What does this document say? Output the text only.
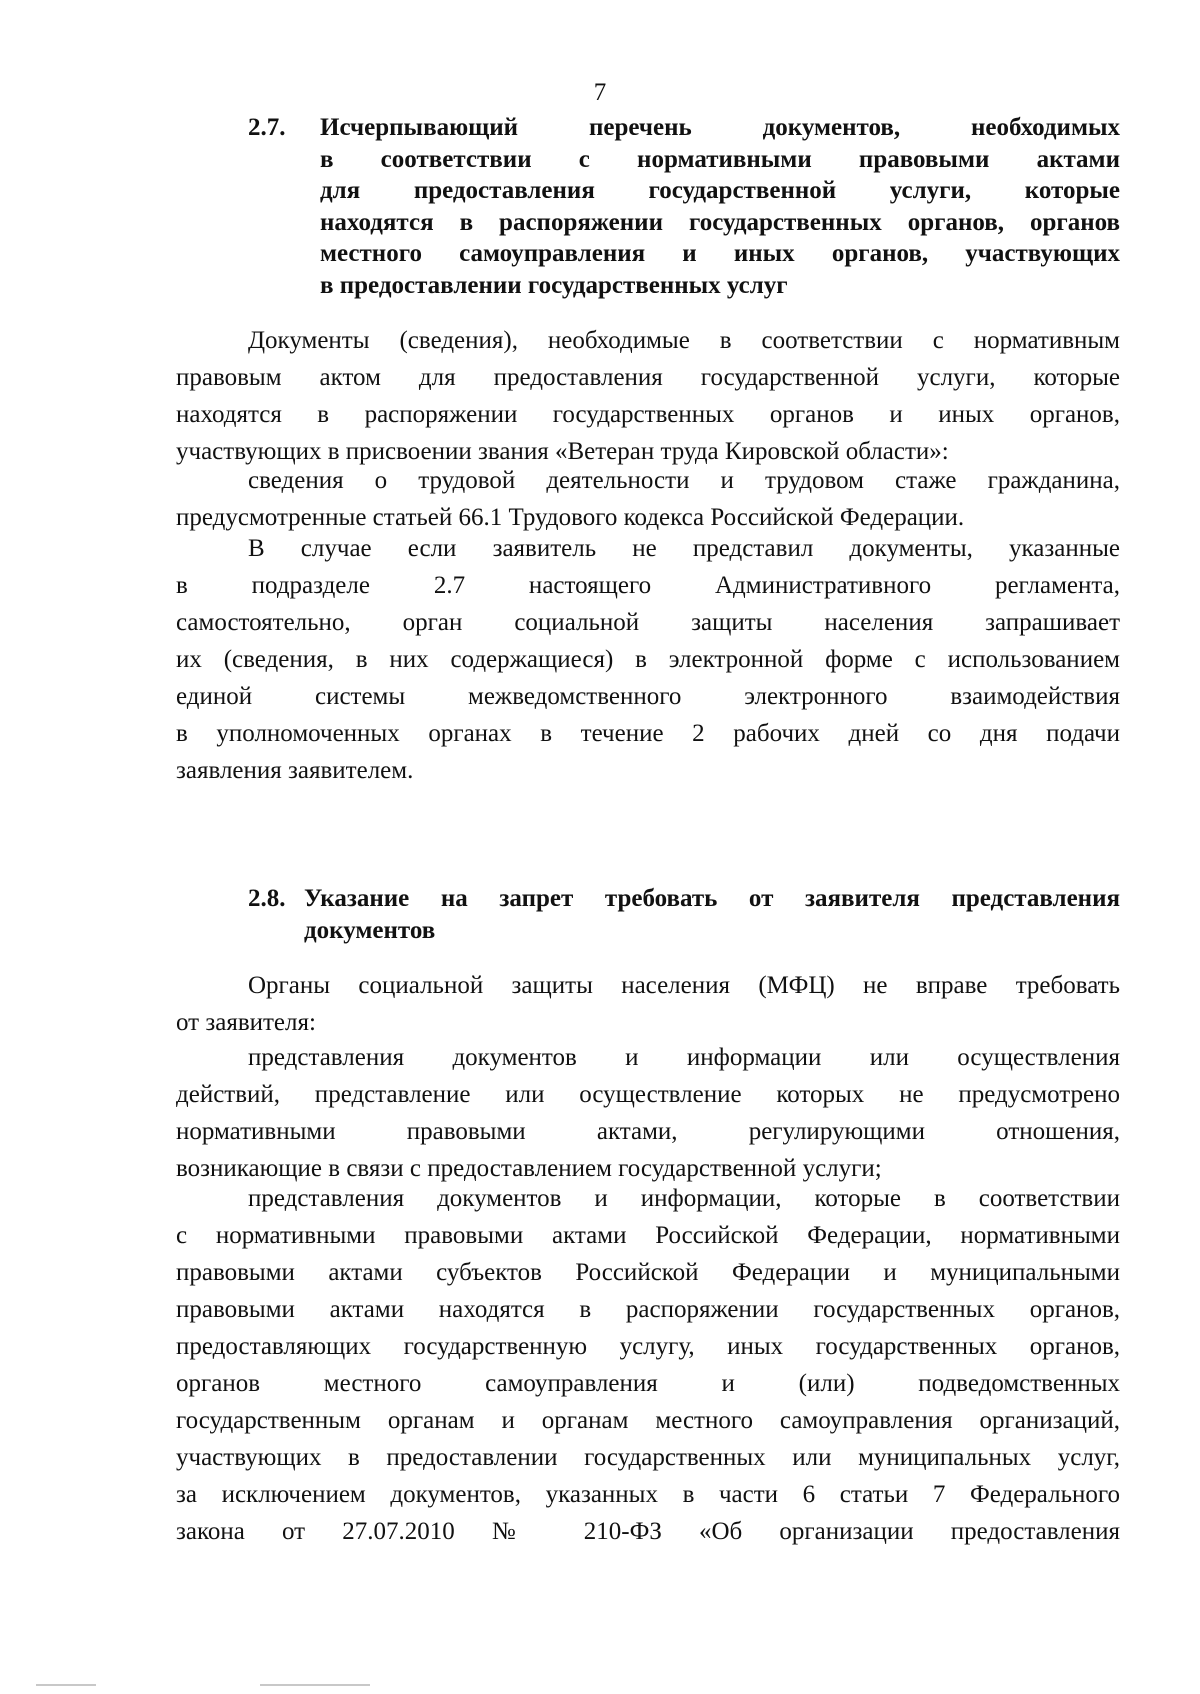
7
2.7. Исчерпывающий перечень документов, необходимых
в соответствии с нормативными правовыми актами
для предоставления государственной услуги, которые
находятся в распоряжении государственных органов, органов
местного самоуправления и иных органов, участвующих
в предоставлении государственных услуг
Документы (сведения), необходимые в соответствии с нормативным
правовым актом для предоставления государственной услуги, которые
находятся в распоряжении государственных органов и иных органов,
участвующих в присвоении звания «Ветеран труда Кировской области»:
сведения о трудовой деятельности и трудовом стаже гражданина,
предусмотренные статьей 66.1 Трудового кодекса Российской Федерации.
В случае если заявитель не представил документы, указанные
в подразделе 2.7 настоящего Административного регламента,
самостоятельно, орган социальной защиты населения запрашивает
их (сведения, в них содержащиеся) в электронной форме с использованием
единой системы межведомственного электронного взаимодействия
в уполномоченных органах в течение 2 рабочих дней со дня подачи
заявления заявителем.
2.8. Указание на запрет требовать от заявителя представления
документов
Органы социальной защиты населения (МФЦ) не вправе требовать
от заявителя:
представления документов и информации или осуществления
действий, представление или осуществление которых не предусмотрено
нормативными правовыми актами, регулирующими отношения,
возникающие в связи с предоставлением государственной услуги;
представления документов и информации, которые в соответствии
с нормативными правовыми актами Российской Федерации, нормативными
правовыми актами субъектов Российской Федерации и муниципальными
правовыми актами находятся в распоряжении государственных органов,
предоставляющих государственную услугу, иных государственных органов,
органов местного самоуправления и (или) подведомственных
государственным органам и органам местного самоуправления организаций,
участвующих в предоставлении государственных или муниципальных услуг,
за исключением документов, указанных в части 6 статьи 7 Федерального
закона от 27.07.2010 № 210-ФЗ «Об организации предоставления
